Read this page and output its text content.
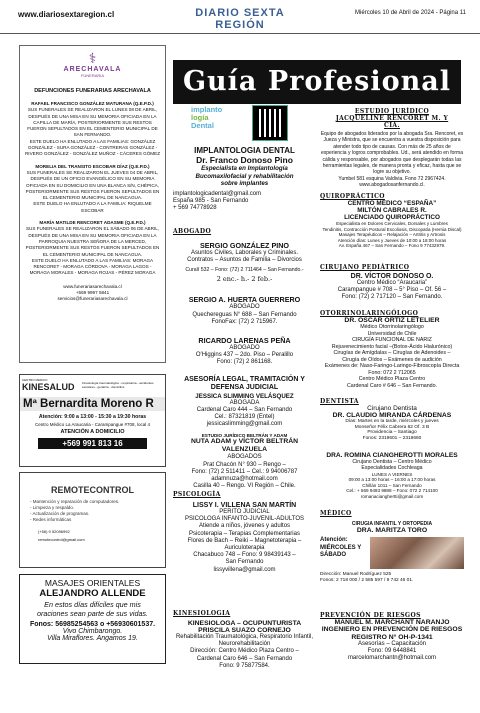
www.diariosextaregion.cl	DIARIO SEXTA REGIÓN
Miércoles 10 de Abril de 2024 - Página 11
⚕
ARECHAVALA
FUNERARIA
DEFUNCIONES FUNERARIAS ARECHAVALA
RAFAEL FRANCISCO GONZÁLEZ MATURANA (Q.E.P.D.)
SUS FUNERALES SE REALIZARON EL LUNES 08 DE ABRIL, DESPUÉS DE UNA MISA EN SU MEMORIA OFICIADA EN LA CAPILLA DE MARÍA, POSTERIORMENTE SUS RESTOS FUERON SEPULTADOS EN EL CEMENTERIO MUNICIPAL DE SAN FERNANDO.
ESTE DUELO HA ENLUTADO A LAS FAMILIAS: GONZÁLEZ GONZÁLEZ - SURA GONZÁLEZ - CONTRERAS GONZÁLEZ - RIVERO GONZÁLEZ - GONZÁLEZ MUÑOZ - CÁCERES GÓMEZ
MORELIA DEL TRANSITO ESCOBAR DÍAZ (Q.E.P.D.)
SUS FUNERALES SE REALIZARON EL JUEVES 04 DE ABRIL, DESPUÉS DE UN OFICIO EVANGÉLICO EN SU MEMORIA OFICIADA EN SU DOMICILIO EN UNA BLANCA S/N, CHÉPICA, POSTERIORMENTE SUS RESTOS FUERON SEPULTADOS EN EL CEMENTERIO MUNICIPAL DE NANCAGUA.
ESTE DUELO HA ENLUTADO A LA FAMILIA: RIQUELME ESCOBAR
MARÍA MATILDE RENCORET ADASME (Q.E.P.D.)
SUS FUNERALES SE REALIZARON EL SÁBADO 06 DE ABRIL, DESPUÉS DE UNA MISA EN SU MEMORIA OFICIADA EN LA PARROQUIA NUESTRA SEÑORA DE LA MERCED, POSTERIORMENTE SUS RESTOS FUERON SEPULTADOS EN EL CEMENTERIO MUNICIPAL DE NANCAGUA.
ESTE DUELO HA ENLUTADO A LAS FAMILIAS: MORAGA RENCORET - MORAGA CÓRDOVA - MORAGA LAGOS - MORAGA MORALES - MORAGA ROJAS - PÉREZ MORAGA
www.funerariasarechavala.cl
+569 9997 5841
servicios@funerariasarechavala.cl
CENTRO MEDICO
KINESALUD	Kinesiología traumatológica - respiratoria - accidentes escolares - geriatría - domicilios
Mª Bernardita Moreno R
Atención: 9:00 a 13:00 - 15:30 a 19:30 horas
Centro Médico La Araucaria - Carampangue #708, local 4
ATENCIÓN A DOMICILIO
+569 991 813 16
REMOTECONTROL
- Mantención y reparación de computadores.
- Limpieza y respaldo.
- Actualización de programas.
- Redes informáticas
(+56) 9 52096992
remotecontrol@gmail.com
MASAJES ORIENTALES
ALEJANDRO ALLENDE
En estos días difíciles que mis oraciones sean parte de sus vidas.
Fonos: 56985254563 o +56930601537.
Vivo Chimbarongo.
Villa Miraflores. Angamos 19.
Guía Profesional
implanto
logía
Dental
IMPLANTOLOGIA DENTAL
Dr. Franco Donoso Pino
Especialista en Implantología
Bucomaxilofacial y rehabilitación
sobre implantes
implantologicadental@gmail.com
España 985 - San Fernando
+ 569 74778928
ABOGADO
SERGIO GONZÁLEZ PINO
Asuntos Civiles, Laborales y Criminales.
Contratos – Asuntos de Familia – Divorcios
Curalí 532 – Fono: (72) 2 711464 – San Fernando.-
2 enc.- h.- 2 feb.-
SERGIO A. HUERTA GUERRERO
ABOGADO
Quechereguas N° 688 – San Fernando
FonoFax: (72) 2 715967.
RICARDO LARENAS PEÑA
ABOGADO
O'Higgins 437 – 2do. Piso – Peralillo
Fono: (72) 2 861168.
ASESORÍA LEGAL, TRAMITACIÓN Y DEFENSA JUDICIAL
JESSICA SLIMMING VELÁSQUEZ
ABOGADA
Cardenal Caro 444 – San Fernando
Cel.: 87321819 (Entel)
jessicaslimming@gmail.com
ESTUDIO JURÍDICO BELTRÁN Y ADAM
NUTA ADAM y VÍCTOR BELTRÁN VALENZUELA
ABOGADOS
Prat Chacón N° 930 – Rengo –
Fono: (72) 2 511411 – Cel.: 9 94006787
adamnuza@hotmail.com
Casilla 40 – Rengo. VI Región – Chile.
PSICOLOGÍA
LISSY I. VILLENA SAN MARTÍN
PERITO JUDICIAL
PSICOLOGA INFANTO-JUVENIL-ADULTOS
Atiende a niños, jóvenes y adultos
Psicoterapia – Terapias Complementarias
Flores de Bach – Reiki – Magnetoterapia –
Auriculoterapia
Chacabuco 748 – Fono: 9 98439143 –
San Fernando
lissyvillena@gmail.com
KINESIOLOGIA
KINESIOLOGA – OCUPUNTURISTA
PRISCILA SUAZO CORNEJO
Rehabilitación Traumatológica, Respiratorio Infantil,
Neurorehabilitación
Dirección: Centro Médico Plaza Centro –
Cardenal Caro 646 – San Fernando
Fono: 9 75877584.
ESTUDIO JURÍDICO JACQUELINE RENCORET M. Y CÍA.
Equipo de abogados liderados por la abogada Sra. Rencoret, ex Jueza y Ministra, que se encuentra a vuestra disposición para atender todo tipo de causas. Con más de 25 años de experiencia y logros comprobables. Ud., será atendido en forma cálida y responsable, por abogados que desplegarán todas las herramientas legales, de manera pronta y eficaz, hasta que se logre su objetivo.
Yumbel 581 esquina Valdivia. Fono 72 2967424.
www.abogadosanfernando.cl.
QUIROPRÁCTICO
CENTRO MÉDICO “ESPAÑA”
MILTÓN CABRALES R.
LICENCIADO QUIROPRÁCTICO
Especialista en Dolores Cervicales, Dorsales y Lumbres
Tendinitis, Contracción Postural Escoliosis, Discopatía (Hernia Discal)
Masajes Terapéuticos – Relajación – Artritis y Artrosis
Atención días: Lunes y Jueves de 10:00 a 18:00 horas
Av. España 467 – San Fernando – Fono 9 77432979.
CIRUJANO PEDIÁTRICO
DR. VÍCTOR DONOSO O.
Centro Médico “Araucaria”
Carampangue # 708 – 5° Piso – Of. 56 –
Fono: (72) 2 717120 – San Fernando.
OTORRINOLARINGÓLOGO
DR. ÓSCAR ORTIZ LETELIER
Médico Otorrinolaringólogo
Universidad de Chile
CIRUGÍA FUNCIONAL DE NARIZ
Rejuvenecimiento facial –(Botox-Ácido Hialurónico)
Cirugías de Amígdalas – Cirugías de Adenoides –
Cirugía de Oídos – Exámenes de audición
Exámenes de: Naso-Faringo-Laringo-Fibroscopía Directa
Fono: 072 2 712065
Centro Médico Plaza Centro
Cardenal Caro # 646 – San Fernando.
DENTISTA
Cirujano Dentista
DR. CLAUDIO MIRANDA CÁRDENAS
Días: Martes en la tarde, miércoles y jueves
Monseñor Félix Cabrera 62 Of. 3 B
Providencia – Santiago
Fonos: 2319601 – 2318660
DRA. ROMINA CIANGHEROTTI MORALES
Cirujano Dentista – Centro Médico
Especialidades Cochleaga
LUNES A VIERNES
09:00 a 13:00 horas – 16:00 a 17:00 horas
Chillán 1011 – San Fernando
Cel.: + 569 9493 9888 – Fono: 072 2 714100
romanacianghertti@gmail.com
MÉDICO
CIRUGIA INFANTIL Y ORTOPEDIA
DRA. MARITZA TORO
Atención: MIÉRCOLES Y SÁBADO
Dirección: Manuel Rodríguez 525
Fonos: 2 718 000 / 2 585 597 / 9 742 46 01.
PREVENCIÓN DE RIESGOS
MANUEL M. MARCHANT NARANJO
INGENIERO EN PREVENCIÓN DE RIESGOS
REGISTRO N° OH-P-1341
Asesorías – Capacitación
Fono: 09 6448841
marcelomarchantn@hotmail.com
